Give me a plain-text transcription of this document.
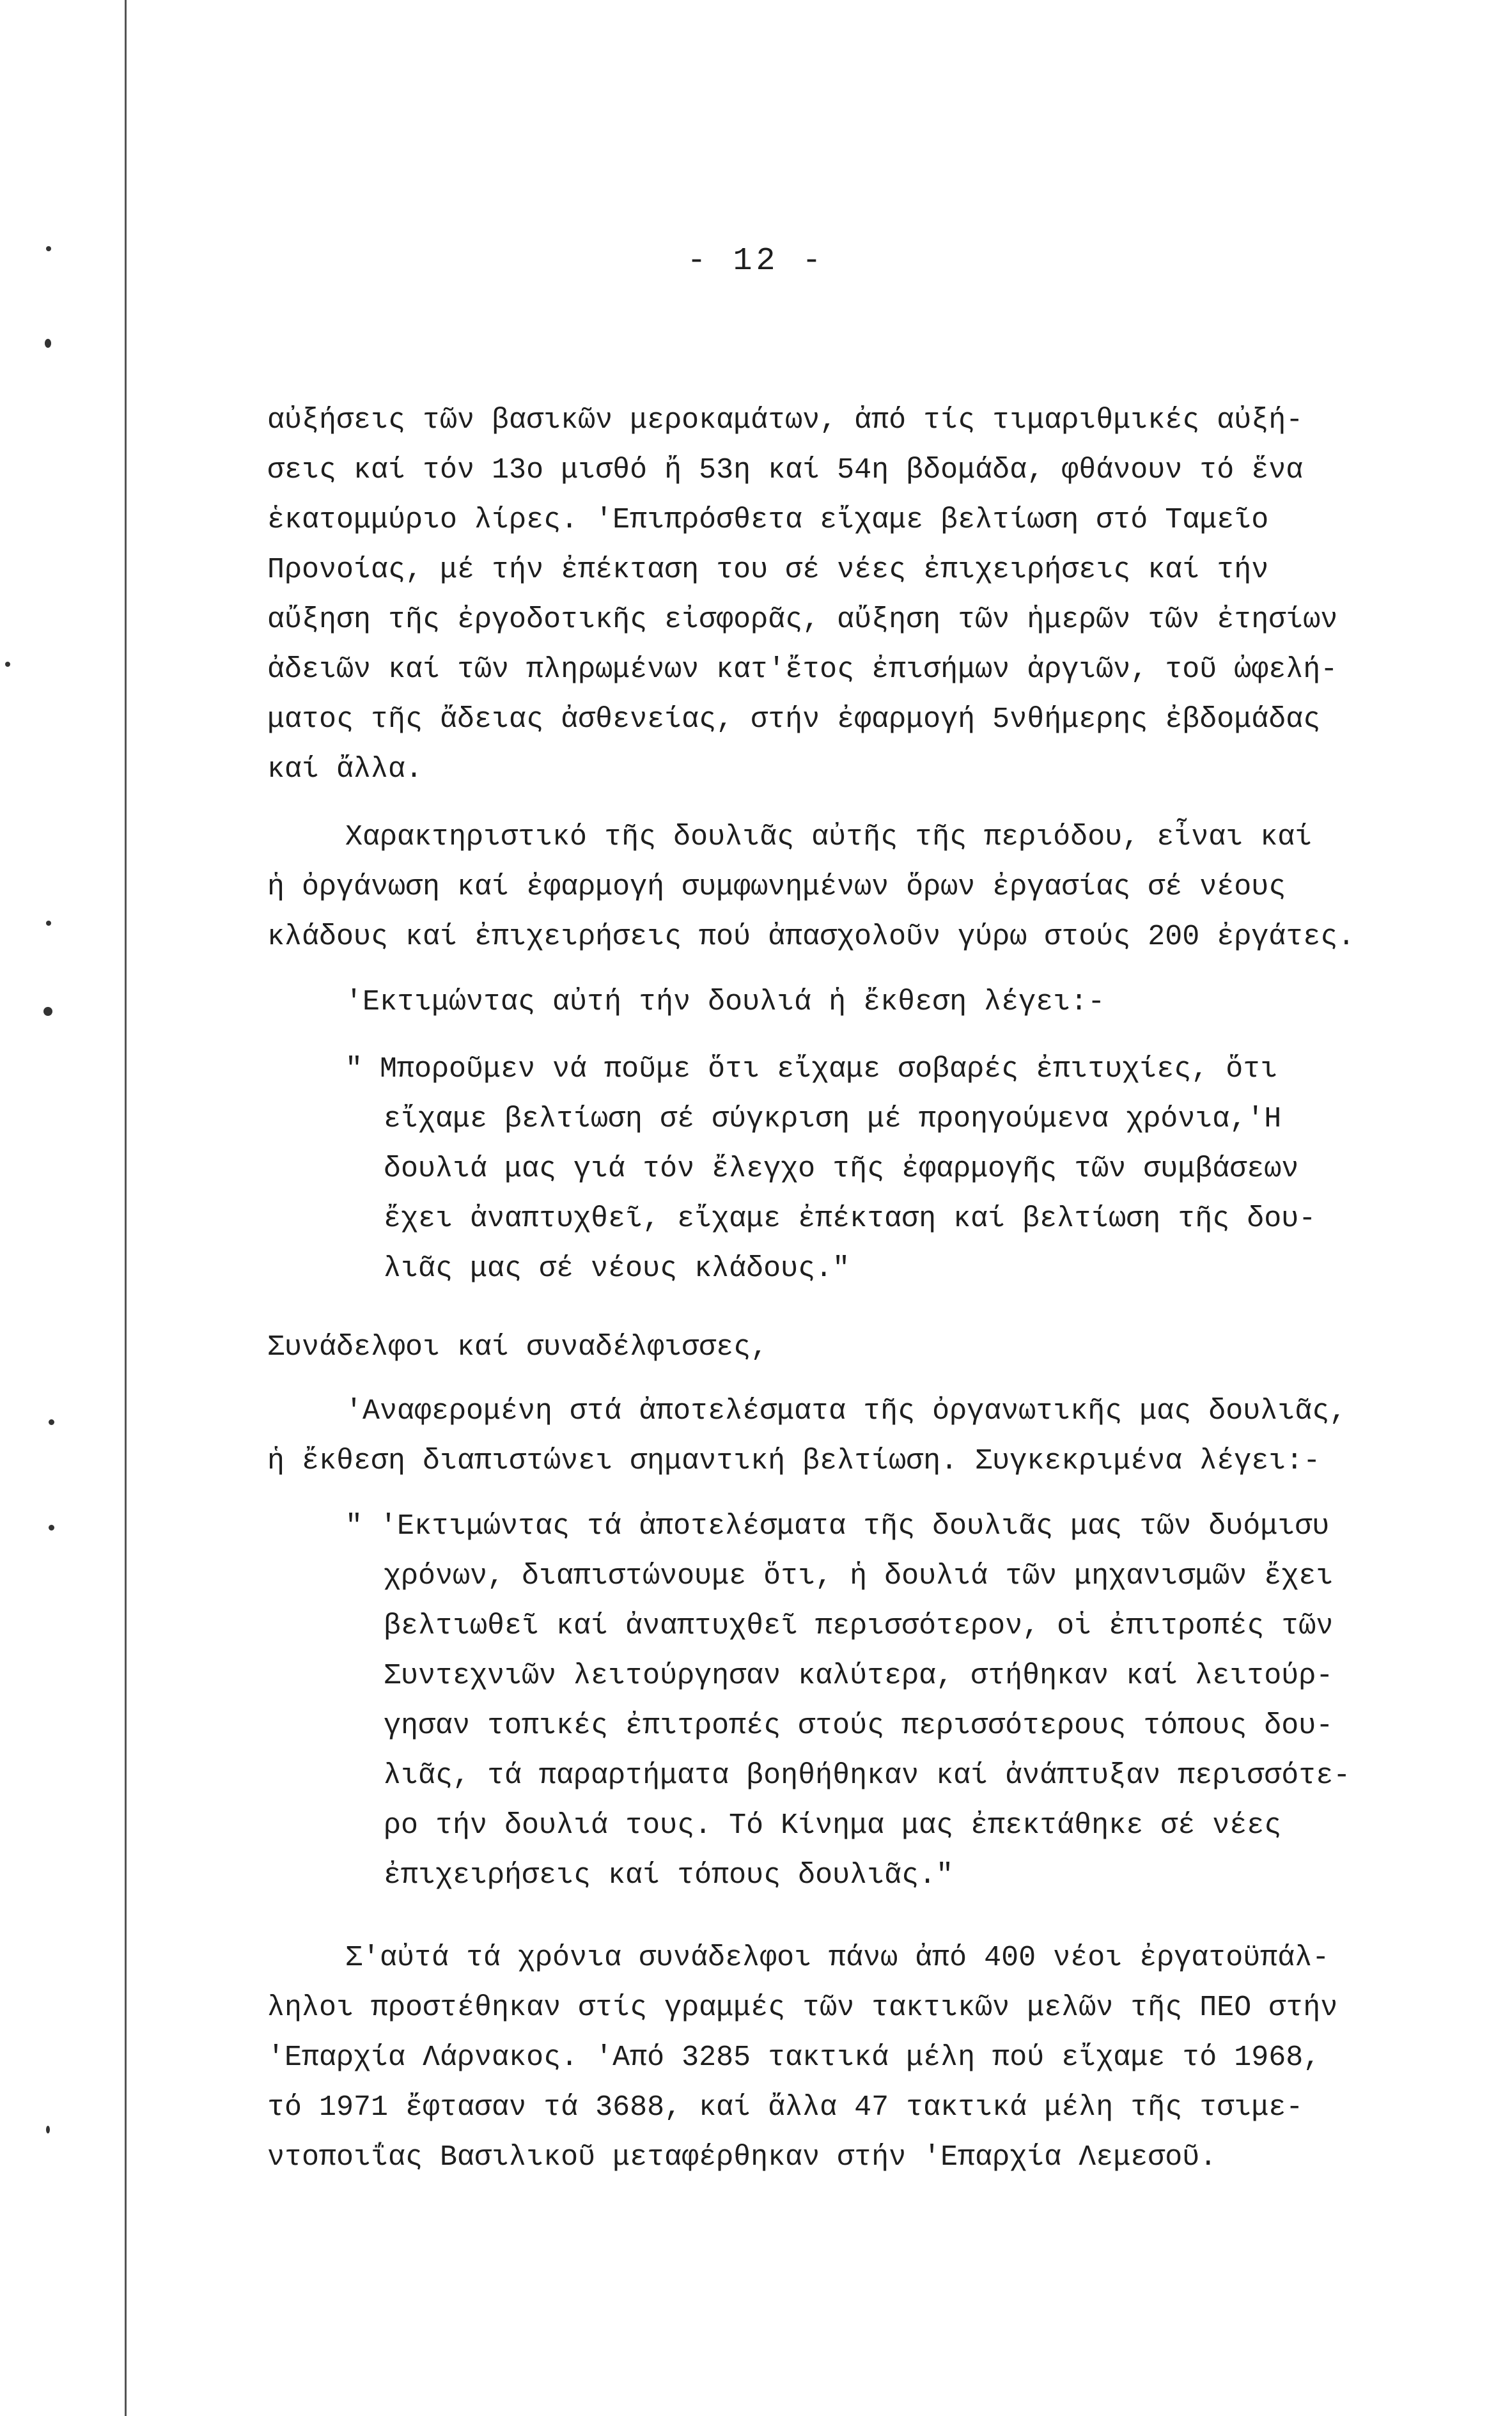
- 12 -
αὐξήσεις τῶν βασικῶν μεροκαμάτων, ἀπό τίς τιμαριθμικές αὐξή-
σεις καί τόν 13ο μισθό ἤ 53η καί 54η βδομάδα, φθάνουν τό ἕνα
ἑκατομμύριο λίρες. 'Επιπρόσθετα εἴχαμε βελτίωση στό Ταμεῖο
Προνοίας, μέ τήν ἐπέκταση του σέ νέες ἐπιχειρήσεις καί τήν
αὔξηση τῆς ἐργοδοτικῆς εἰσφορᾶς, αὔξηση τῶν ἡμερῶν τῶν ἐτησίων
ἀδειῶν καί τῶν πληρωμένων κατ'ἔτος ἐπισήμων ἀργιῶν, τοῦ ὠφελή-
ματος τῆς ἄδειας ἀσθενείας, στήν ἐφαρμογή 5νθήμερης ἐβδομάδας
καί ἄλλα.
Χαρακτηριστικό τῆς δουλιᾶς αὐτῆς τῆς περιόδου, εἶναι καί
ἡ ὀργάνωση καί ἐφαρμογή συμφωνημένων ὅρων ἐργασίας σέ νέους
κλάδους καί ἐπιχειρήσεις πού ἀπασχολοῦν γύρω στούς 200 ἐργάτες.
'Εκτιμώντας αὐτή τήν δουλιά ἡ ἔκθεση λέγει:-
" Μποροῦμεν νά ποῦμε ὅτι εἴχαμε σοβαρές ἐπιτυχίες, ὅτι
εἴχαμε βελτίωση σέ σύγκριση μέ προηγούμενα χρόνια,'Η
δουλιά μας γιά τόν ἔλεγχο τῆς ἐφαρμογῆς τῶν συμβάσεων
ἔχει ἀναπτυχθεῖ, εἴχαμε ἐπέκταση καί βελτίωση τῆς δου-
λιᾶς μας σέ νέους κλάδους."
Συνάδελφοι καί συναδέλφισσες,
'Αναφερομένη στά ἀποτελέσματα τῆς ὀργανωτικῆς μας δουλιᾶς,
ἡ ἔκθεση διαπιστώνει σημαντική βελτίωση. Συγκεκριμένα λέγει:-
" 'Εκτιμώντας τά ἀποτελέσματα τῆς δουλιᾶς μας τῶν δυόμισυ
χρόνων, διαπιστώνουμε ὅτι, ἡ δουλιά τῶν μηχανισμῶν ἔχει
βελτιωθεῖ καί ἀναπτυχθεῖ περισσότερον, οἱ ἐπιτροπές τῶν
Συντεχνιῶν λειτούργησαν καλύτερα, στήθηκαν καί λειτούρ-
γησαν τοπικές ἐπιτροπές στούς περισσότερους τόπους δου-
λιᾶς, τά παραρτήματα βοηθήθηκαν καί ἀνάπτυξαν περισσότε-
ρο τήν δουλιά τους. Τό Κίνημα μας ἐπεκτάθηκε σέ νέες
ἐπιχειρήσεις καί τόπους δουλιᾶς."
Σ'αὐτά τά χρόνια συνάδελφοι πάνω ἀπό 400 νέοι ἐργατοϋπάλ-
ληλοι προστέθηκαν στίς γραμμές τῶν τακτικῶν μελῶν τῆς ΠΕΟ στήν
'Επαρχία Λάρνακος. 'Από 3285 τακτικά μέλη πού εἴχαμε τό 1968,
τό 1971 ἔφτασαν τά 3688, καί ἄλλα 47 τακτικά μέλη τῆς τσιμε-
ντοποιΐας Βασιλικοῦ μεταφέρθηκαν στήν 'Επαρχία Λεμεσοῦ.
